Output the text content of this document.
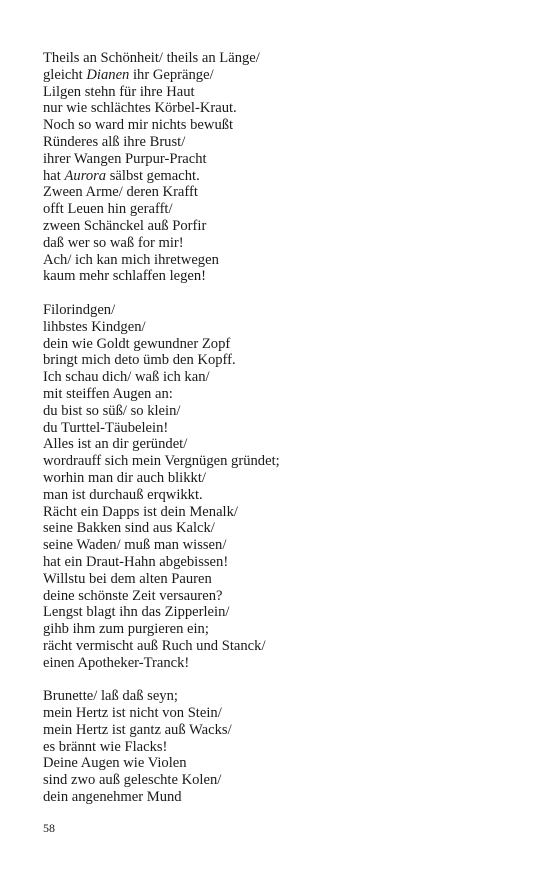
Theils an Schönheit/ theils an Länge/
gleicht Dianen ihr Gepränge/
Lilgen stehn für ihre Haut
nur wie schlächtes Körbel-Kraut.
Noch so ward mir nichts bewußt
Ründeres alß ihre Brust/
ihrer Wangen Purpur-Pracht
hat Aurora sälbst gemacht.
Zween Arme/ deren Krafft
offt Leuen hin gerafft/
zween Schänckel auß Porfir
daß wer so waß for mir!
Ach/ ich kan mich ihretwegen
kaum mehr schlaffen legen!
Filorindgen/
lihbstes Kindgen/
dein wie Goldt gewundner Zopf
bringt mich deto ümb den Kopff.
Ich schau dich/ waß ich kan/
mit steiffen Augen an:
du bist so süß/ so klein/
du Turttel-Täubelein!
Alles ist an dir geründet/
wordrauff sich mein Vergnügen gründet;
worhin man dir auch blikkt/
man ist durchauß erqwikkt.
Rächt ein Dapps ist dein Menalk/
seine Bakken sind aus Kalck/
seine Waden/ muß man wissen/
hat ein Draut-Hahn abgebissen!
Willstu bei dem alten Pauren
deine schönste Zeit versauren?
Lengst blagt ihn das Zipperlein/
gihb ihm zum purgieren ein;
rächt vermischt auß Ruch und Stanck/
einen Apotheker-Tranck!
Brunette/ laß daß seyn;
mein Hertz ist nicht von Stein/
mein Hertz ist gantz auß Wacks/
es brännt wie Flacks!
Deine Augen wie Violen
sind zwo auß geleschte Kolen/
dein angenehmer Mund
58
